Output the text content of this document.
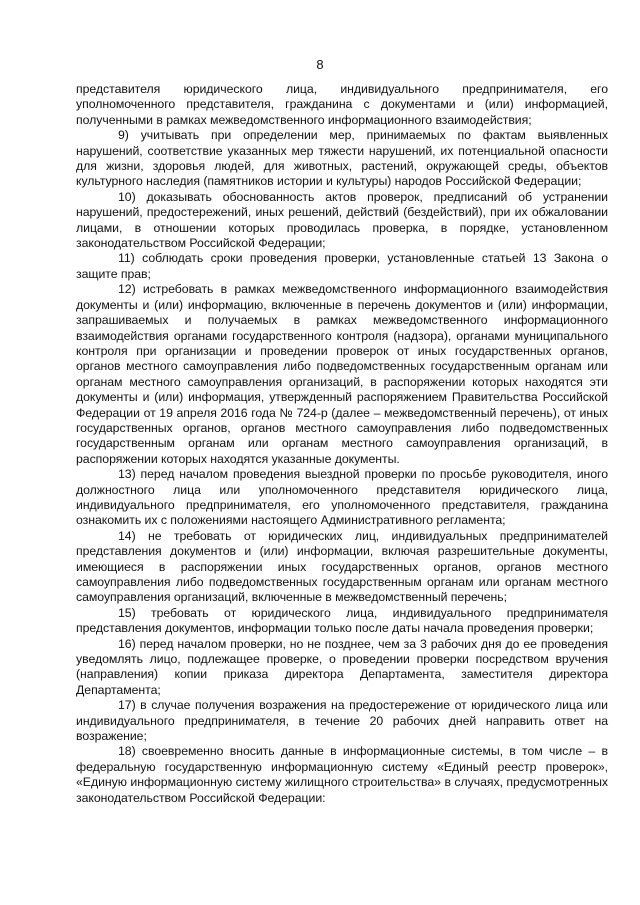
8

представителя юридического лица, индивидуального предпринимателя, его уполномоченного представителя, гражданина с документами и (или) информацией, полученными в рамках межведомственного информационного взаимодействия;

9) учитывать при определении мер, принимаемых по фактам выявленных нарушений, соответствие указанных мер тяжести нарушений, их потенциальной опасности для жизни, здоровья людей, для животных, растений, окружающей среды, объектов культурного наследия (памятников истории и культуры) народов Российской Федерации;

10) доказывать обоснованность актов проверок, предписаний об устранении нарушений, предостережений, иных решений, действий (бездействий), при их обжаловании лицами, в отношении которых проводилась проверка, в порядке, установленном законодательством Российской Федерации;

11) соблюдать сроки проведения проверки, установленные статьей 13 Закона о защите прав;

12) истребовать в рамках межведомственного информационного взаимодействия документы и (или) информацию, включенные в перечень документов и (или) информации, запрашиваемых и получаемых в рамках межведомственного информационного взаимодействия органами государственного контроля (надзора), органами муниципального контроля при организации и проведении проверок от иных государственных органов, органов местного самоуправления либо подведомственных государственным органам или органам местного самоуправления организаций, в распоряжении которых находятся эти документы и (или) информация, утвержденный распоряжением Правительства Российской Федерации от 19 апреля 2016 года № 724-р (далее – межведомственный перечень), от иных государственных органов, органов местного самоуправления либо подведомственных государственным органам или органам местного самоуправления организаций, в распоряжении которых находятся указанные документы.

13) перед началом проведения выездной проверки по просьбе руководителя, иного должностного лица или уполномоченного представителя юридического лица, индивидуального предпринимателя, его уполномоченного представителя, гражданина ознакомить их с положениями настоящего Административного регламента;

14) не требовать от юридических лиц, индивидуальных предпринимателей представления документов и (или) информации, включая разрешительные документы, имеющиеся в распоряжении иных государственных органов, органов местного самоуправления либо подведомственных государственным органам или органам местного самоуправления организаций, включенные в межведомственный перечень;

15) требовать от юридического лица, индивидуального предпринимателя представления документов, информации только после даты начала проведения проверки;

16) перед началом проверки, но не позднее, чем за 3 рабочих дня до ее проведения уведомлять лицо, подлежащее проверке, о проведении проверки посредством вручения (направления) копии приказа директора Департамента, заместителя директора Департамента;

17) в случае получения возражения на предостережение от юридического лица или индивидуального предпринимателя, в течение 20 рабочих дней направить ответ на возражение;

18) своевременно вносить данные в информационные системы, в том числе – в федеральную государственную информационную систему «Единый реестр проверок», «Единую информационную систему жилищного строительства» в случаях, предусмотренных законодательством Российской Федерации:
